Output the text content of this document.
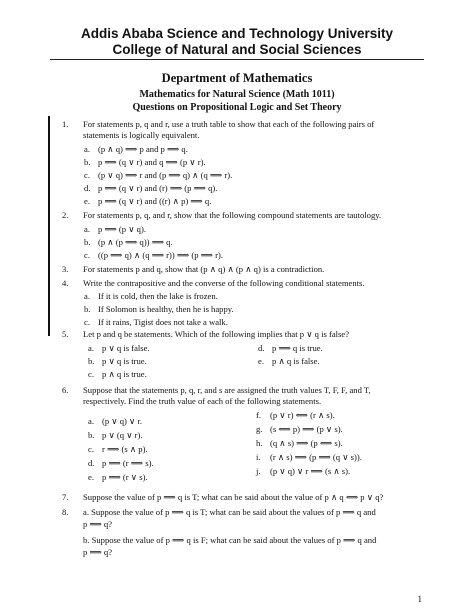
Addis Ababa Science and Technology University
College of Natural and Social Sciences
Department of Mathematics
Mathematics for Natural Science (Math 1011)
Questions on Propositional Logic and Set Theory
1. For statements p, q and r, use a truth table to show that each of the following pairs of
statements is logically equivalent.
a. (p ∧ q) ⟹ p and p ⟹ q.
b. p ⟹ (q ∨ r) and q ⟹ (p ∨ r).
c. (p ∨ q) ⟹ r and (p ⟹ q) ∧ (q ⟹ r).
d. p ⟹ (q ∨ r) and (r) ⟹ (p ⟹ q).
e. p ⟹ (q ∨ r) and ((r) ∧ p) ⟹ q.
2. For statements p, q, and r, show that the following compound statements are tautology.
a. p ⟹ (p ∨ q).
b. (p ∧ (p ⟹ q)) ⟹ q.
c. ((p ⟹ q) ∧ (q ⟹ r)) ⟹ (p ⟹ r).
3. For statements p and q, show that (p ∧ q) ∧ (p ∧ q) is a contradiction.
4. Write the contrapositive and the converse of the following conditional statements.
a. If it is cold, then the lake is frozen.
b. If Solomon is healthy, then he is happy.
c. If it rains, Tigist does not take a walk.
5. Let p and q be statements. Which of the following implies that p ∨ q is false?
a. p ∨ q is false.
b. p ∨ q is true.
c. p ∧ q is true.
d. p ⟹ q is true.
e. p ∧ q is false.
6. Suppose that the statements p, q, r, and s are assigned the truth values T, F, F, and T,
respectively. Find the truth value of each of the following statements.
a. (p ∨ q) ∨ r.
b. p ∨ (q ∨ r).
c. r ⟹ (s ∧ p).
d. p ⟹ (r ⟹ s).
e. p ⟹ (r ∨ s).
f. (p ∨ r) ⟺ (r ∧ s).
g. (s ⟺ p) ⟹ (p ∨ s).
h. (q ∧ s) ⟹ (p ⟺ s).
i. (r ∧ s) ⟹ (p ⟹ (q ∨ s)).
j. (p ∨ q) ∨ r ⟹ (s ∧ s).
7. Suppose the value of p ⟹ q is T; what can be said about the value of p ∧ q ⟺ p ∨ q?
8. a. Suppose the value of p ⟹ q is T; what can be said about the values of p ⟹ q and
p ⟹ q?
b. Suppose the value of p ⟹ q is F; what can be said about the values of p ⟹ q and
p ⟹ q?
1
